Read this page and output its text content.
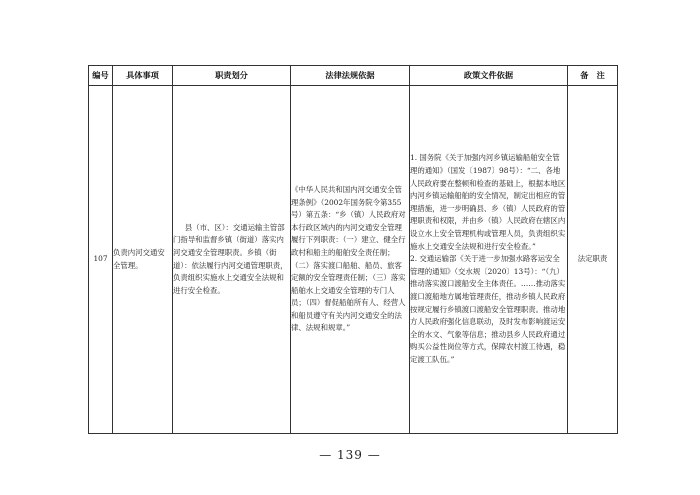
编号	具体事项	职责划分	法律法规依据	政策文件依据	备　注
107	负责内河交通安全管理。	县（市、区）：交通运输主管部门指导和监督乡镇（街道）落实内河交通安全管理职责。乡镇（街道）：依法履行内河交通管理职责，负责组织实施水上交通安全法规和进行安全检查。	《中华人民共和国内河交通安全管理条例》（2002年国务院令第355号）第五条：“乡（镇）人民政府对本行政区域内的内河交通安全管理履行下列职责：（一）建立、健全行政村和船主的船舶安全责任制；（二）落实渡口船舶、船员、旅客定额的安全管理责任制；（三）落实船舶水上交通安全管理的专门人员；（四）督促船舶所有人、经营人和船员遵守有关内河交通安全的法律、法规和规章。”	1. 国务院《关于加强内河乡镇运输船舶安全管理的通知》（国发〔1987〕98号）：“二、各地人民政府要在整顿和检查的基础上，根据本地区内河乡镇运输船舶的安全情况，制定出相应的管理措施，进一步明确县、乡（镇）人民政府的管理职责和权限，并由乡（镇）人民政府在辖区内设立水上安全管理机构或管理人员，负责组织实施水上交通安全法规和进行安全检查。”
2. 交通运输部《关于进一步加强水路客运安全管理的通知》（交水规〔2020〕13号）：“（九）推动落实渡口渡船安全主体责任。……推动落实渡口渡船地方属地管理责任，推动乡镇人民政府按规定履行乡镇渡口渡船安全管理职责。推动地方人民政府强化信息联动，及时发布影响渡运安全的水文、气象等信息；推动县乡人民政府通过购买公益性岗位等方式，保障农村渡工待遇，稳定渡工队伍。”	法定职责
— 139 —
